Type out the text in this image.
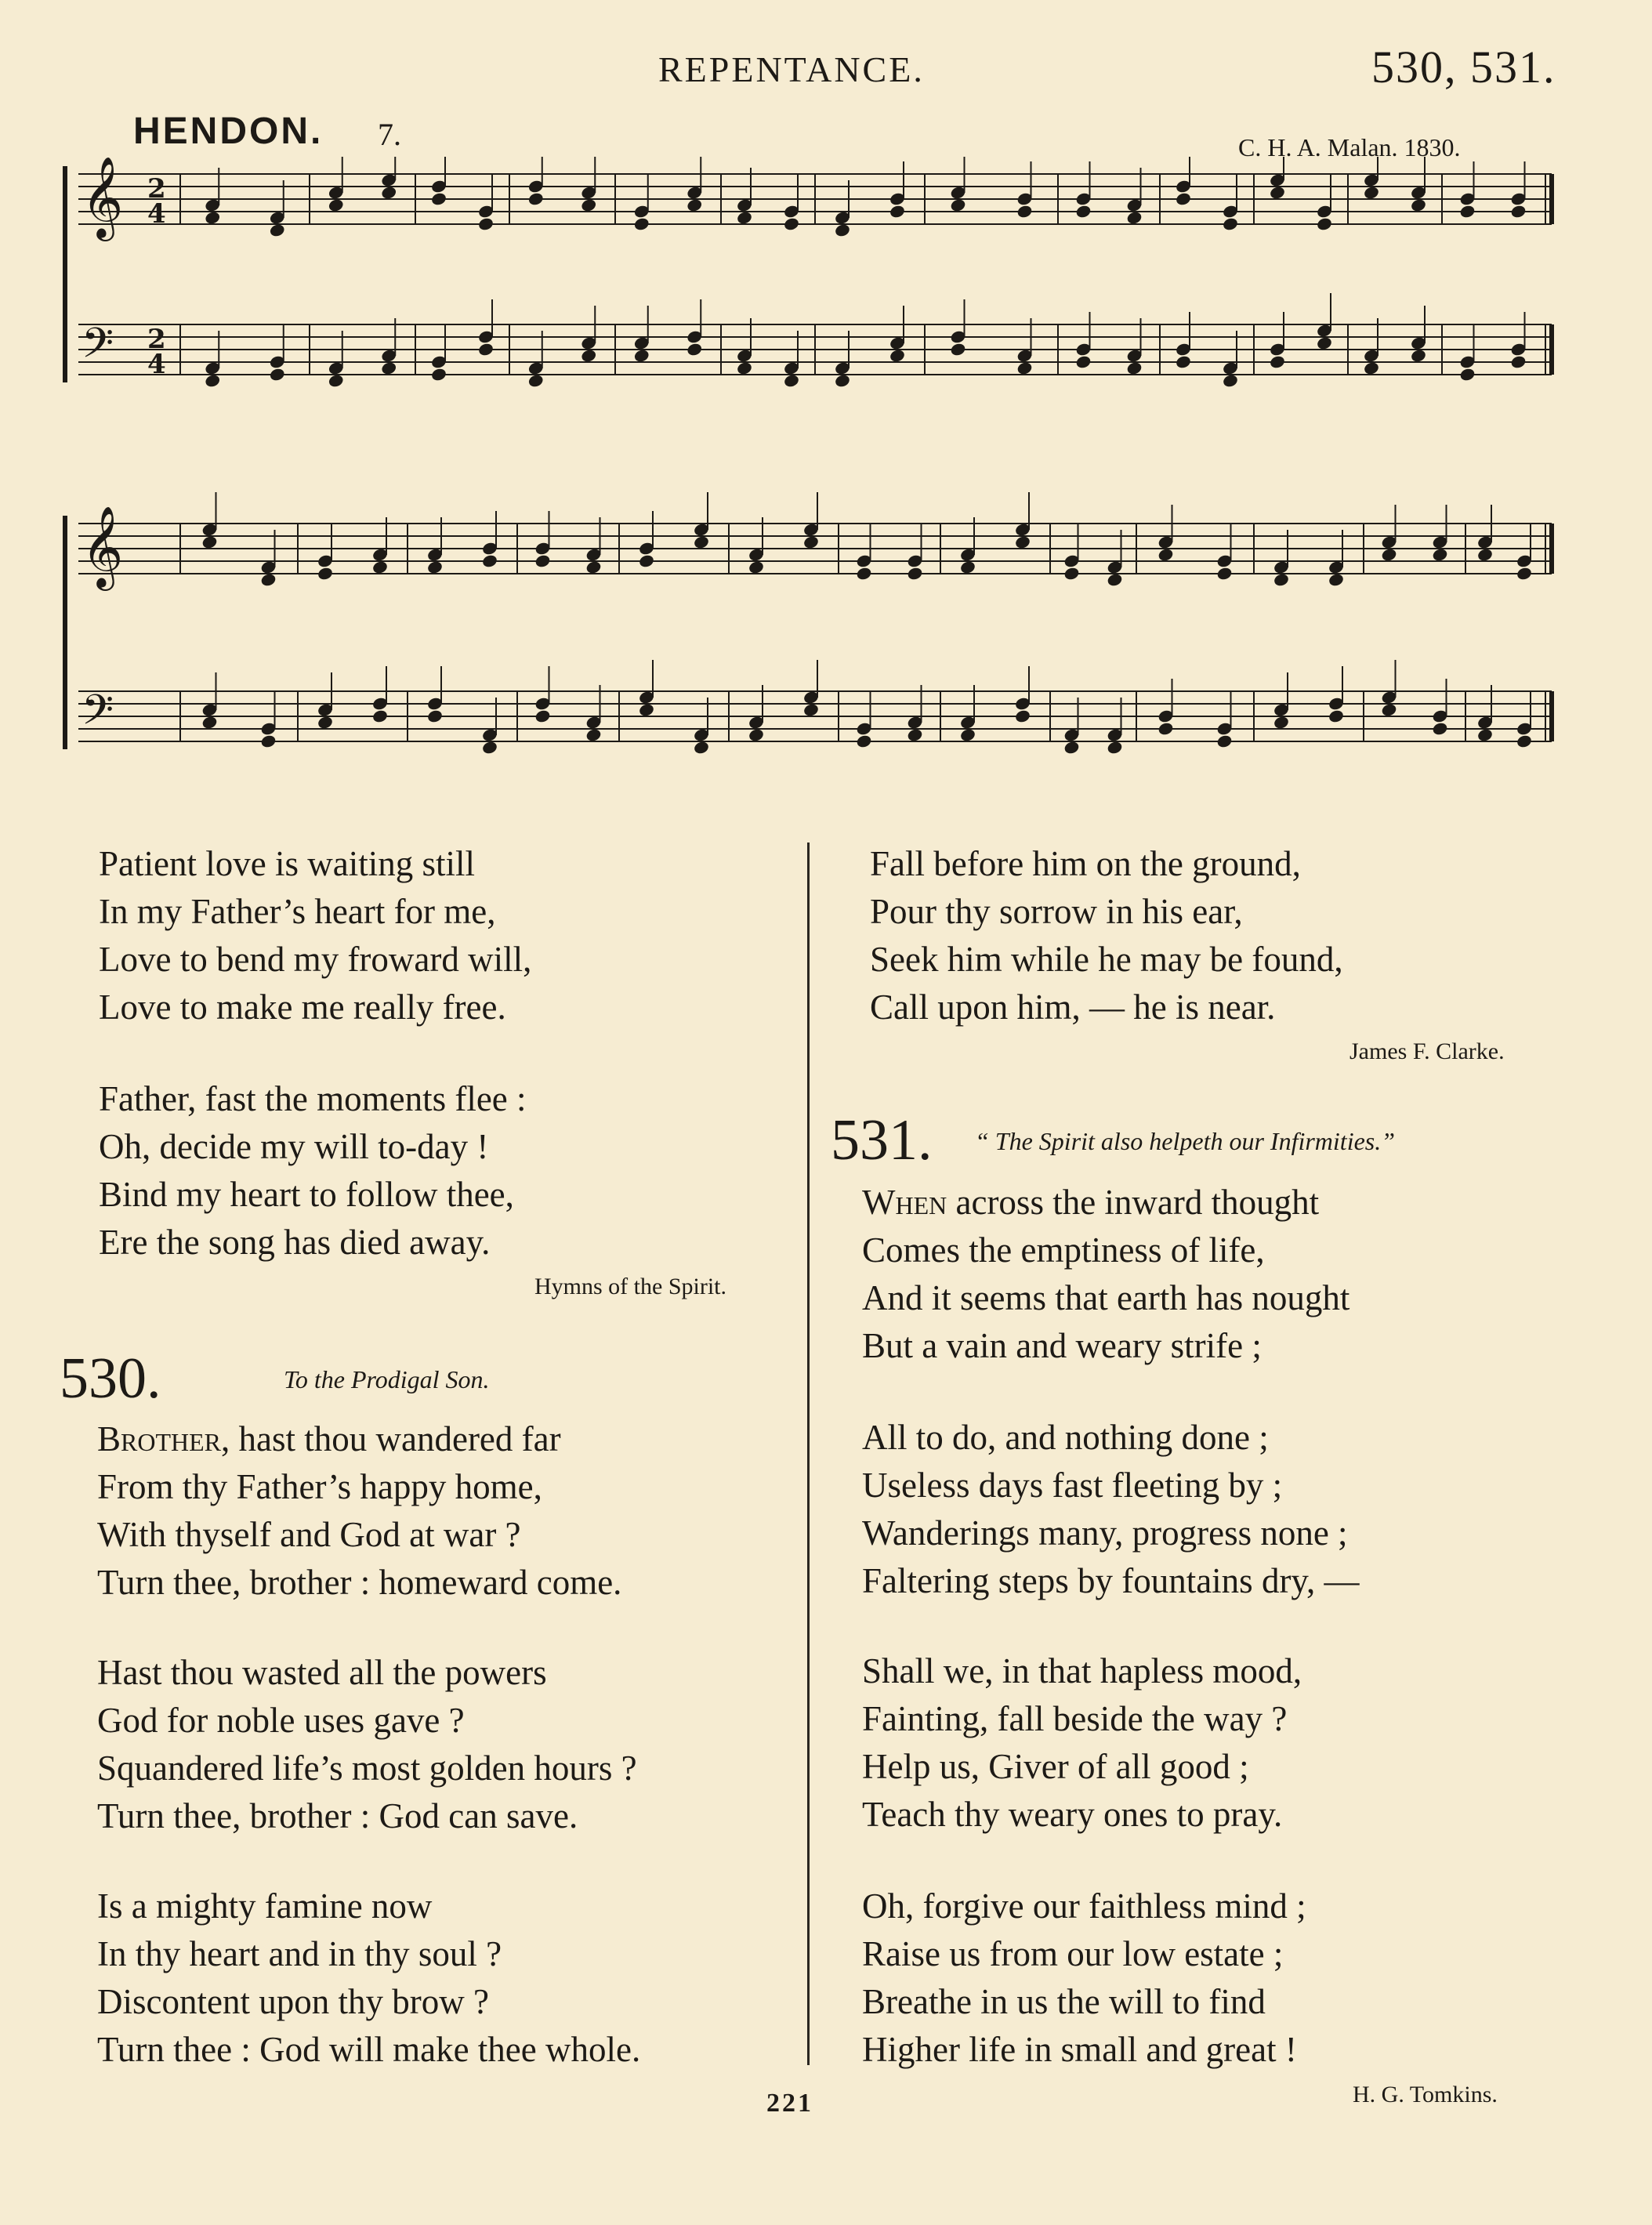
REPENTANCE.	530, 531.
HENDON. 7.	C. H. A. Malan. 1830.
𝄞
𝄢
2
4
2
4
𝄞
𝄢
Patient love is waiting still
In my Father’s heart for me,
Love to bend my froward will,
Love to make me really free.
Father, fast the moments flee :
Oh, decide my will to-day !
Bind my heart to follow thee,
Ere the song has died away.
Hymns of the Spirit.
530.	To the Prodigal Son.
Brother, hast thou wandered far
From thy Father’s happy home,
With thyself and God at war ?
Turn thee, brother : homeward come.
Hast thou wasted all the powers
God for noble uses gave ?
Squandered life’s most golden hours ?
Turn thee, brother : God can save.
Is a mighty famine now
In thy heart and in thy soul ?
Discontent upon thy brow ?
Turn thee : God will make thee whole.
Fall before him on the ground,
Pour thy sorrow in his ear,
Seek him while he may be found,
Call upon him, — he is near.
James F. Clarke.
531. “ The Spirit also helpeth our Infirmities.”
When across the inward thought
Comes the emptiness of life,
And it seems that earth has nought
But a vain and weary strife ;
All to do, and nothing done ;
Useless days fast fleeting by ;
Wanderings many, progress none ;
Faltering steps by fountains dry, —
Shall we, in that hapless mood,
Fainting, fall beside the way ?
Help us, Giver of all good ;
Teach thy weary ones to pray.
Oh, forgive our faithless mind ;
Raise us from our low estate ;
Breathe in us the will to find
Higher life in small and great !
H. G. Tomkins.
221
